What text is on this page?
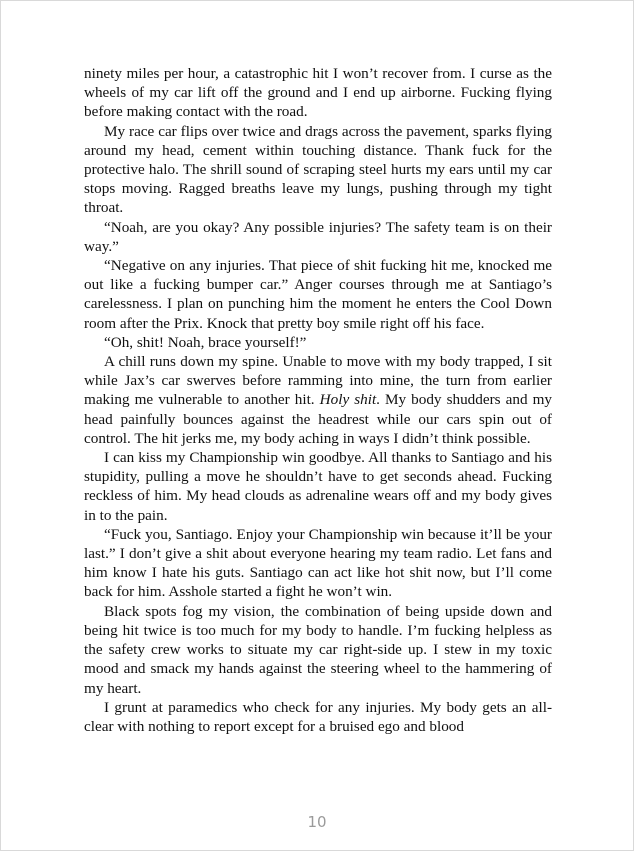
ninety miles per hour, a catastrophic hit I won’t recover from. I curse as the wheels of my car lift off the ground and I end up airborne. Fucking flying before making contact with the road.

My race car flips over twice and drags across the pavement, sparks flying around my head, cement within touching distance. Thank fuck for the protective halo. The shrill sound of scraping steel hurts my ears until my car stops moving. Ragged breaths leave my lungs, pushing through my tight throat.

“Noah, are you okay? Any possible injuries? The safety team is on their way.”

“Negative on any injuries. That piece of shit fucking hit me, knocked me out like a fucking bumper car.” Anger courses through me at Santiago’s carelessness. I plan on punching him the moment he enters the Cool Down room after the Prix. Knock that pretty boy smile right off his face.

“Oh, shit! Noah, brace yourself!”

A chill runs down my spine. Unable to move with my body trapped, I sit while Jax’s car swerves before ramming into mine, the turn from earlier making me vulnerable to another hit. Holy shit. My body shudders and my head painfully bounces against the headrest while our cars spin out of control. The hit jerks me, my body aching in ways I didn’t think possible.

I can kiss my Championship win goodbye. All thanks to Santiago and his stupidity, pulling a move he shouldn’t have to get seconds ahead. Fucking reckless of him. My head clouds as adrenaline wears off and my body gives in to the pain.

“Fuck you, Santiago. Enjoy your Championship win because it’ll be your last.” I don’t give a shit about everyone hearing my team radio. Let fans and him know I hate his guts. Santiago can act like hot shit now, but I’ll come back for him. Asshole started a fight he won’t win.

Black spots fog my vision, the combination of being upside down and being hit twice is too much for my body to handle. I’m fucking helpless as the safety crew works to situate my car right-side up. I stew in my toxic mood and smack my hands against the steering wheel to the hammering of my heart.

I grunt at paramedics who check for any injuries. My body gets an all-clear with nothing to report except for a bruised ego and blood

10
